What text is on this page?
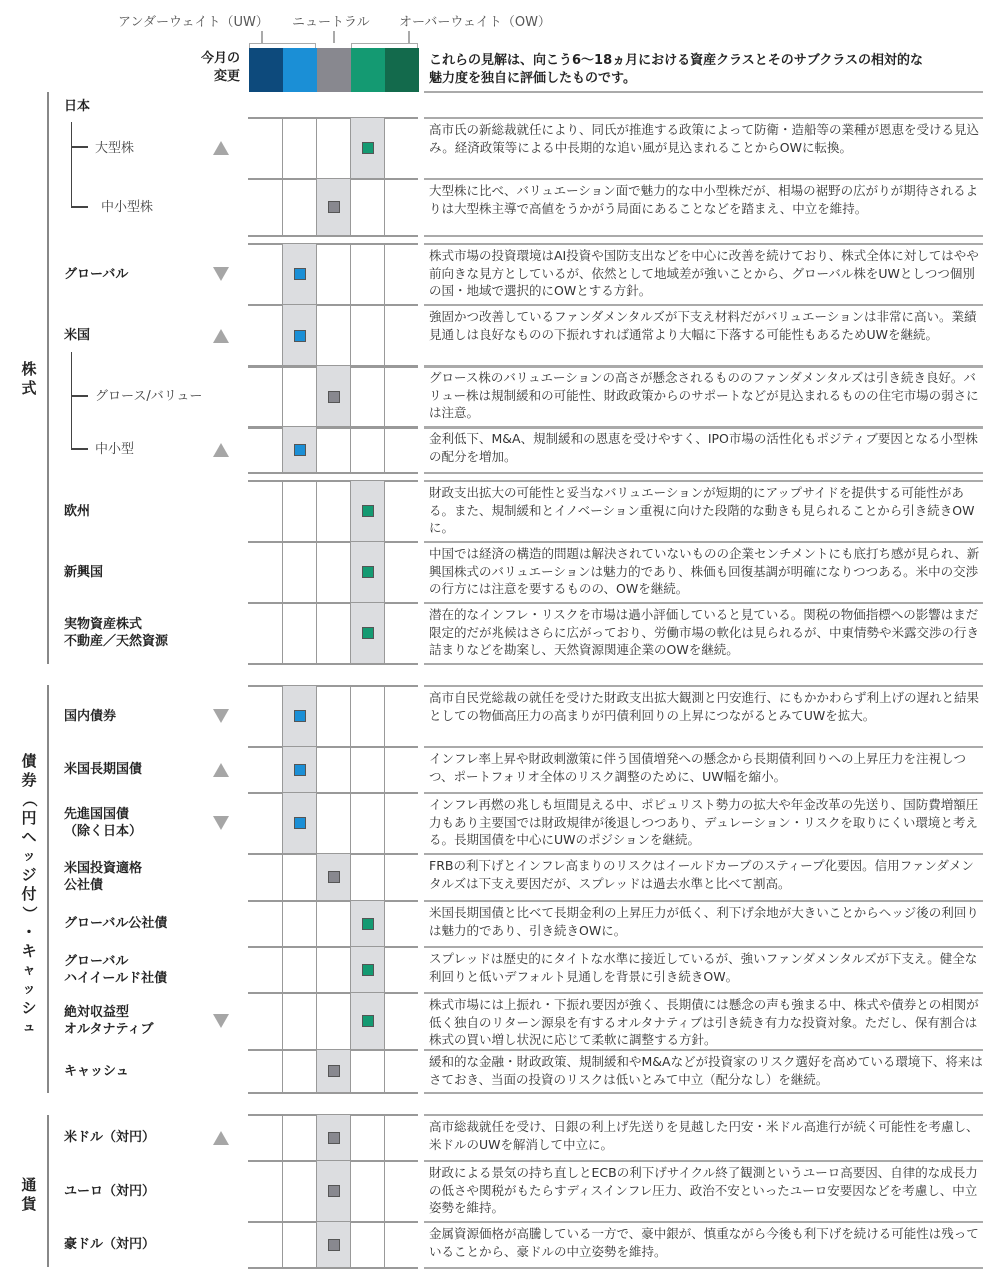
アンダーウェイト（UW） ニュートラル オーバーウェイト（OW）
今月の
変更
これらの見解は、向こう6～18ヵ月における資産クラスとそのサブクラスの相対的な
魅力度を独自に評価したものです。
大型株
高市氏の新総裁就任により、同氏が推進する政策によって防衛・造船等の業種が恩恵を受ける見込み。経済政策等による中長期的な追い風が見込まれることからOWに転換。
中小型株
大型株に比べ、バリュエーション面で魅力的な中小型株だが、相場の裾野の広がりが期待されるよりは大型株主導で高値をうかがう局面にあることなどを踏まえ、中立を維持。
グローバル
株式市場の投資環境はAI投資や国防支出などを中心に改善を続けており、株式全体に対してはやや前向きな見方としているが、依然として地域差が強いことから、グローバル株をUWとしつつ個別の国・地域で選択的にOWとする方針。
米国
強固かつ改善しているファンダメンタルズが下支え材料だがバリュエーションは非常に高い。業績見通しは良好なものの下振れすれば通常より大幅に下落する可能性もあるためUWを継続。
グロース/バリュー
グロース株のバリュエーションの高さが懸念されるもののファンダメンタルズは引き続き良好。バリュー株は規制緩和の可能性、財政政策からのサポートなどが見込まれるものの住宅市場の弱さには注意。
中小型
金利低下、M&A、規制緩和の恩恵を受けやすく、IPO市場の活性化もポジティブ要因となる小型株の配分を増加。
欧州
財政支出拡大の可能性と妥当なバリュエーションが短期的にアップサイドを提供する可能性がある。また、規制緩和とイノベーション重視に向けた段階的な動きも見られることから引き続きOWに。
新興国
中国では経済の構造的問題は解決されていないものの企業センチメントにも底打ち感が見られ、新興国株式のバリュエーションは魅力的であり、株価も回復基調が明確になりつつある。米中の交渉の行方には注意を要するものの、OWを継続。
実物資産株式
不動産／天然資源
潜在的なインフレ・リスクを市場は過小評価していると見ている。関税の物価指標への影響はまだ限定的だが兆候はさらに広がっており、労働市場の軟化は見られるが、中東情勢や米露交渉の行き詰まりなどを勘案し、天然資源関連企業のOWを継続。
国内債券
高市自民党総裁の就任を受けた財政支出拡大観測と円安進行、にもかかわらず利上げの遅れと結果としての物価高圧力の高まりが円債利回りの上昇につながるとみてUWを拡大。
米国長期国債
インフレ率上昇や財政刺激策に伴う国債増発への懸念から長期債利回りへの上昇圧力を注視しつつ、ポートフォリオ全体のリスク調整のために、UW幅を縮小。
先進国国債
（除く日本）
インフレ再燃の兆しも垣間見える中、ポピュリスト勢力の拡大や年金改革の先送り、国防費増額圧力もあり主要国では財政規律が後退しつつあり、デュレーション・リスクを取りにくい環境と考える。長期国債を中心にUWのポジションを継続。
米国投資適格
公社債
FRBの利下げとインフレ高まりのリスクはイールドカーブのスティープ化要因。信用ファンダメンタルズは下支え要因だが、スプレッドは過去水準と比べて割高。
グローバル公社債
米国長期国債と比べて長期金利の上昇圧力が低く、利下げ余地が大きいことからヘッジ後の利回りは魅力的であり、引き続きOWに。
グローバル
ハイイールド社債
スプレッドは歴史的にタイトな水準に接近しているが、強いファンダメンタルズが下支え。健全な利回りと低いデフォルト見通しを背景に引き続きOW。
絶対収益型
オルタナティブ
株式市場には上振れ・下振れ要因が強く、長期債には懸念の声も強まる中、株式や債券との相関が低く独自のリターン源泉を有するオルタナティブは引き続き有力な投資対象。ただし、保有割合は株式の買い増し状況に応じて柔軟に調整する方針。
キャッシュ
緩和的な金融・財政政策、規制緩和やM&Aなどが投資家のリスク選好を高めている環境下、将来はさておき、当面の投資のリスクは低いとみて中立（配分なし）を継続。
米ドル（対円）
高市総裁就任を受け、日銀の利上げ先送りを見越した円安・米ドル高進行が続く可能性を考慮し、米ドルのUWを解消して中立に。
ユーロ（対円）
財政による景気の持ち直しとECBの利下げサイクル終了観測というユーロ高要因、自律的な成長力の低さや関税がもたらすディスインフレ圧力、政治不安といったユーロ安要因などを考慮し、中立姿勢を維持。
豪ドル（対円）
金属資源価格が高騰している一方で、豪中銀が、慎重ながら今後も利下げを続ける可能性は残っていることから、豪ドルの中立姿勢を維持。
日本
株
式
債
券
（
円
ヘ
ッ
ジ
付
）
・
キ
ャ
ッ
シ
ュ
通
貨
